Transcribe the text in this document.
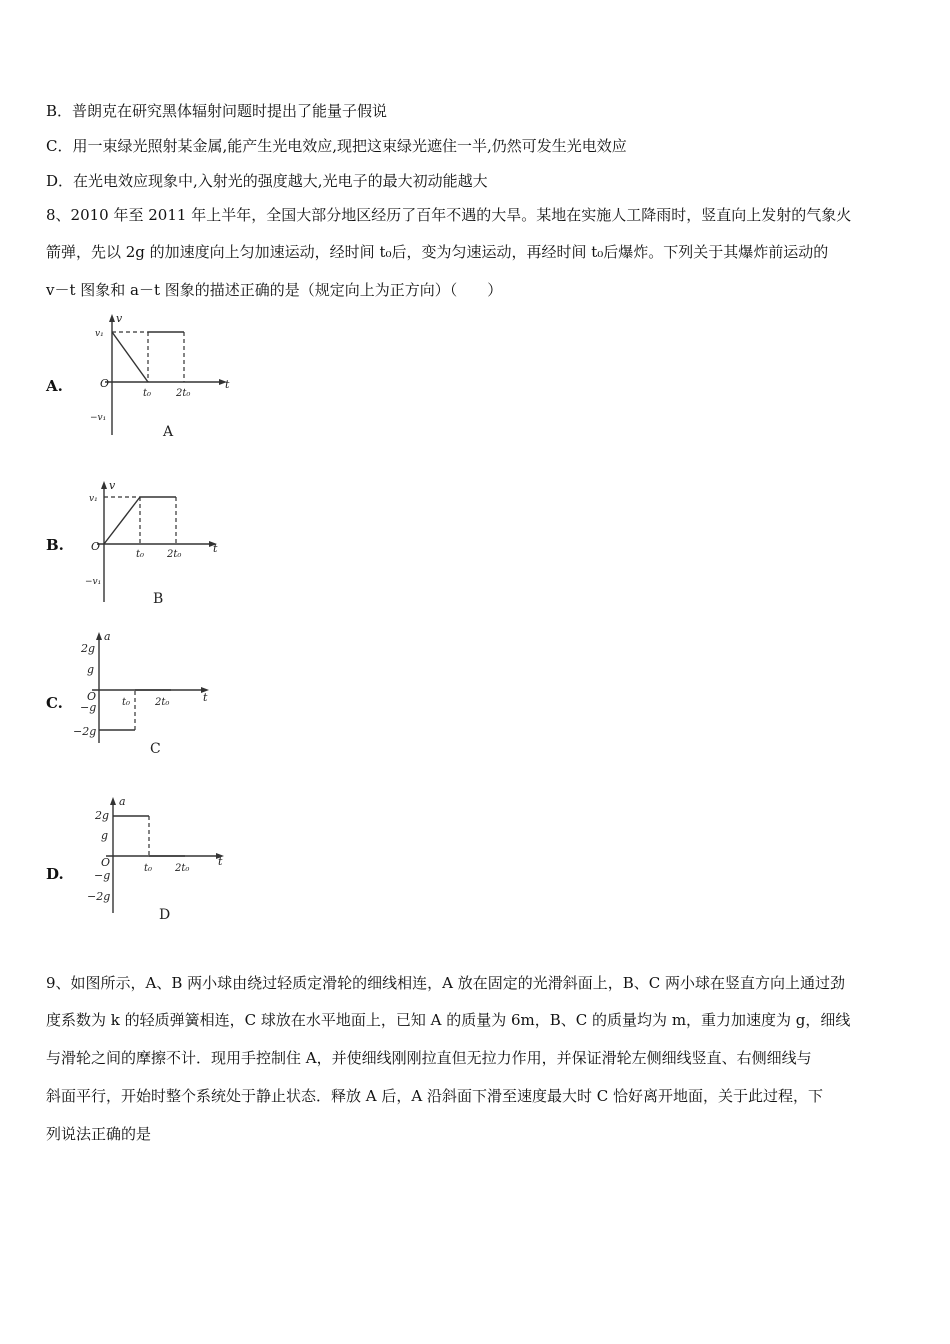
B．普朗克在研究黑体辐射问题时提出了能量子假说
C．用一束绿光照射某金属,能产生光电效应,现把这束绿光遮住一半,仍然可发生光电效应
D．在光电效应现象中,入射光的强度越大,光电子的最大初动能越大
8、2010 年至 2011 年上半年，全国大部分地区经历了百年不遇的大旱。某地在实施人工降雨时，竖直向上发射的气象火
箭弹，先以 2g 的加速度向上匀加速运动，经时间 t₀后，变为匀速运动，再经时间 t₀后爆炸。下列关于其爆炸前运动的
v－t 图象和 a－t 图象的描述正确的是（规定向上为正方向）（　　）
A.
v
t
O
v₁
−v₁
t₀ 2t₀
A
B.
v
t
O
v₁
−v₁
t₀ 2t₀
B
C.
a
t
O
2g
g
−g
−2g
t₀ 2t₀
C
D.
a
t
O
2g
g
−g
−2g
t₀ 2t₀
D
9、如图所示，A、B 两小球由绕过轻质定滑轮的细线相连，A 放在固定的光滑斜面上，B、C 两小球在竖直方向上通过劲
度系数为 k 的轻质弹簧相连，C 球放在水平地面上，已知 A 的质量为 6m，B、C 的质量均为 m，重力加速度为 g，细线
与滑轮之间的摩擦不计．现用手控制住 A，并使细线刚刚拉直但无拉力作用，并保证滑轮左侧细线竖直、右侧细线与
斜面平行，开始时整个系统处于静止状态．释放 A 后，A 沿斜面下滑至速度最大时 C 恰好离开地面，关于此过程，下
列说法正确的是
